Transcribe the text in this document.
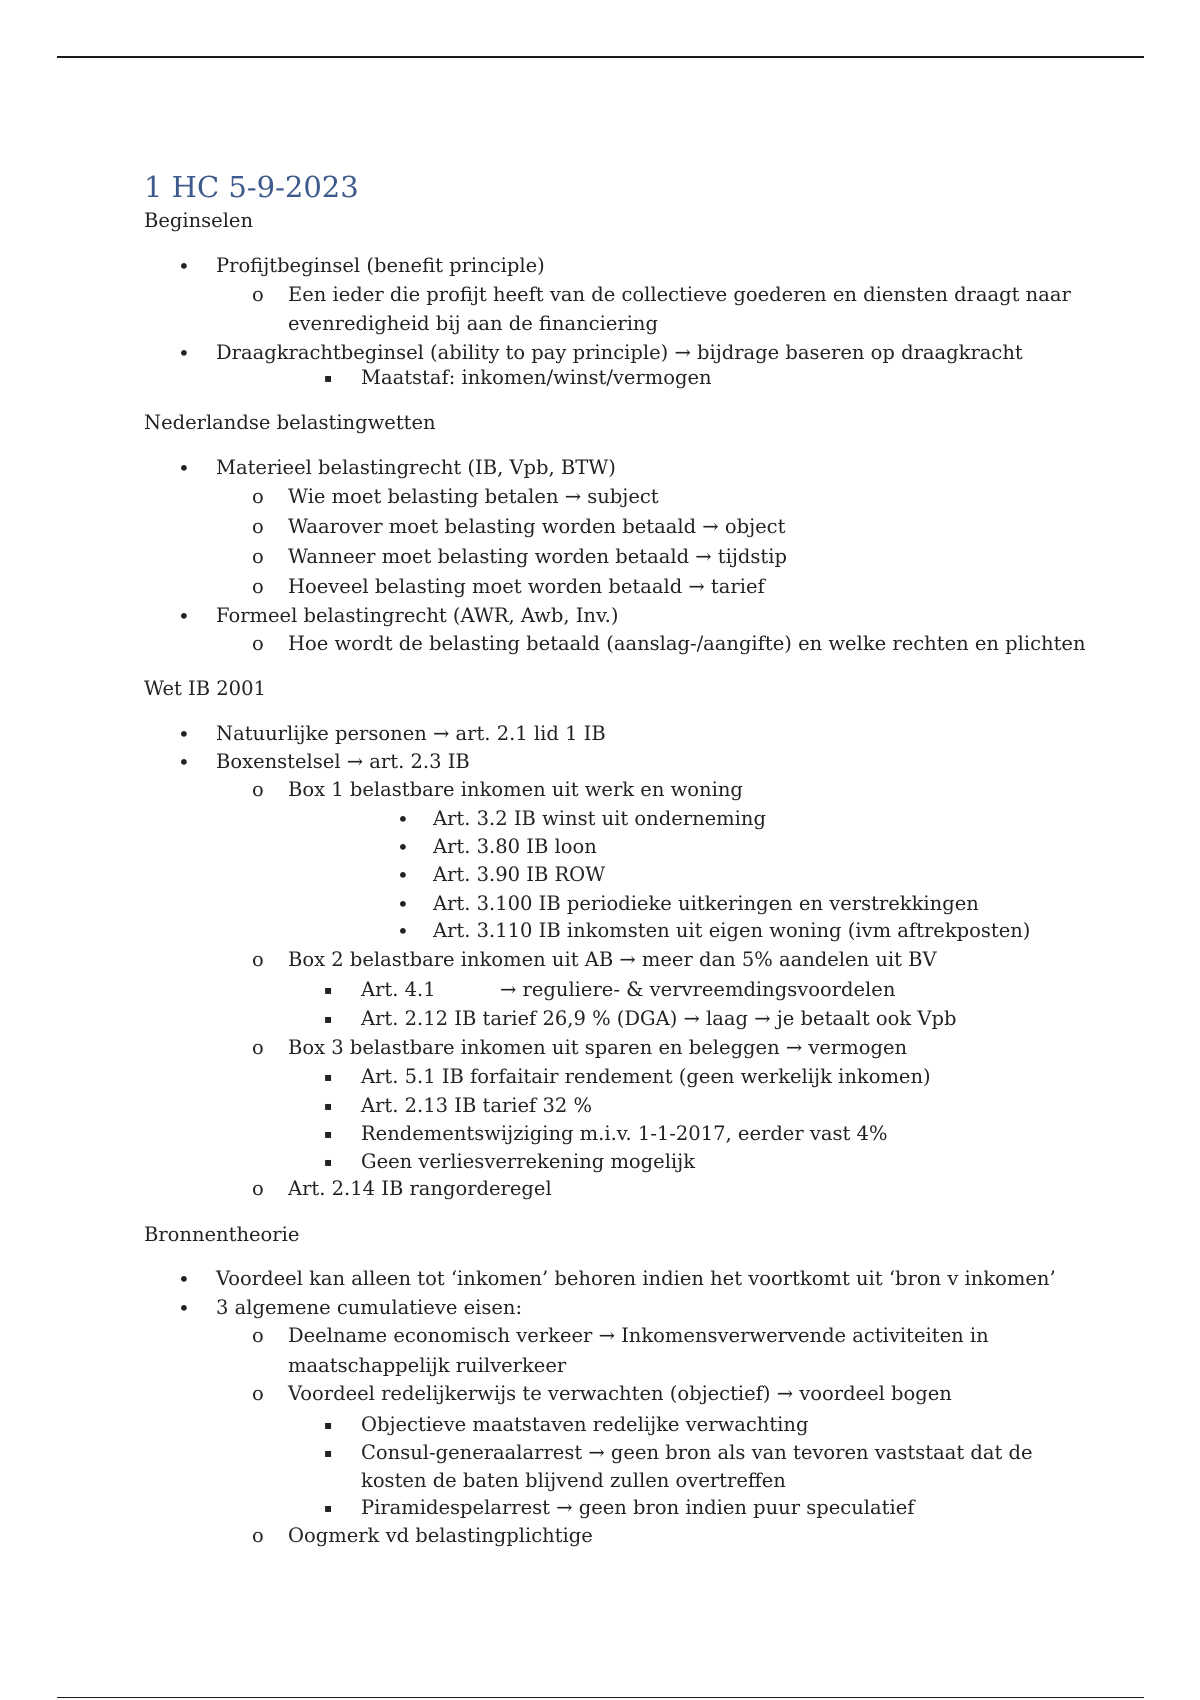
1 HC 5-9-2023
Beginselen
• Profijtbeginsel (benefit principle)
o Een ieder die profijt heeft van de collectieve goederen en diensten draagt naar
evenredigheid bij aan de financiering
• Draagkrachtbeginsel (ability to pay principle) → bijdrage baseren op draagkracht
▪ Maatstaf: inkomen/winst/vermogen
Nederlandse belastingwetten
• Materieel belastingrecht (IB, Vpb, BTW)
o Wie moet belasting betalen → subject
o Waarover moet belasting worden betaald → object
o Wanneer moet belasting worden betaald → tijdstip
o Hoeveel belasting moet worden betaald → tarief
• Formeel belastingrecht (AWR, Awb, Inv.)
o Hoe wordt de belasting betaald (aanslag-/aangifte) en welke rechten en plichten
Wet IB 2001
• Natuurlijke personen → art. 2.1 lid 1 IB
• Boxenstelsel → art. 2.3 IB
o Box 1 belastbare inkomen uit werk en woning
• Art. 3.2 IB winst uit onderneming
• Art. 3.80 IB loon
• Art. 3.90 IB ROW
• Art. 3.100 IB periodieke uitkeringen en verstrekkingen
• Art. 3.110 IB inkomsten uit eigen woning (ivm aftrekposten)
o Box 2 belastbare inkomen uit AB → meer dan 5% aandelen uit BV
▪ Art. 4.1	→ reguliere- & vervreemdingsvoordelen
▪ Art. 2.12 IB tarief 26,9 % (DGA) → laag → je betaalt ook Vpb
o Box 3 belastbare inkomen uit sparen en beleggen → vermogen
▪ Art. 5.1 IB forfaitair rendement (geen werkelijk inkomen)
▪ Art. 2.13 IB tarief 32 %
▪ Rendementswijziging m.i.v. 1-1-2017, eerder vast 4%
▪ Geen verliesverrekening mogelijk
o Art. 2.14 IB rangorderegel
Bronnentheorie
• Voordeel kan alleen tot ‘inkomen’ behoren indien het voortkomt uit ‘bron v inkomen’
• 3 algemene cumulatieve eisen:
o Deelname economisch verkeer → Inkomensverwervende activiteiten in
maatschappelijk ruilverkeer
o Voordeel redelijkerwijs te verwachten (objectief) → voordeel bogen
▪ Objectieve maatstaven redelijke verwachting
▪ Consul-generaalarrest → geen bron als van tevoren vaststaat dat de
kosten de baten blijvend zullen overtreffen
▪ Piramidespelarrest → geen bron indien puur speculatief
o Oogmerk vd belastingplichtige
